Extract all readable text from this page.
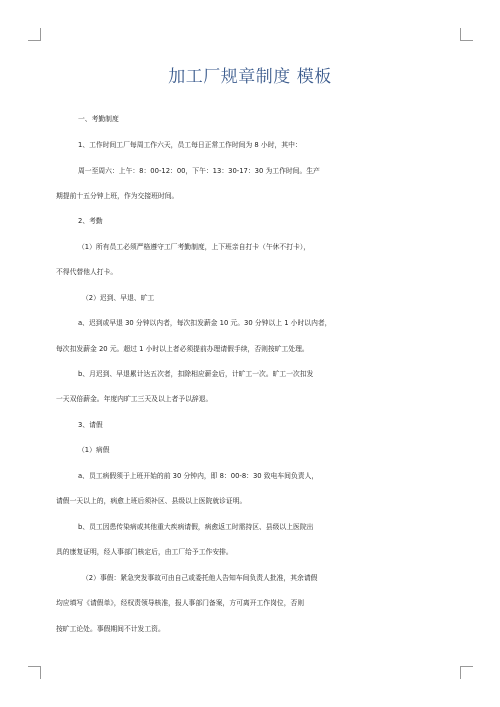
加工厂规章制度 模板
一、考勤制度
1、工作时间工厂每周工作六天，员工每日正常工作时间为 8 小时，其中：
周一至周六：上午：8：00-12：00，下午：13：30-17：30 为工作时间。生产
期提前十五分钟上班，作为交接班时间。
2、考勤
（1）所有员工必须严格遵守工厂考勤制度，上下班亲自打卡（午休不打卡），
不得代替他人打卡。
（2）迟到、早退、旷工
a、迟到或早退 30 分钟以内者，每次扣发薪金 10 元。30 分钟以上 1 小时以内者，
每次扣发薪金 20 元。超过 1 小时以上者必须提前办理请假手续，否则按旷工处理。
b、月迟到、早退累计达五次者，扣除相应薪金后，计旷工一次。旷工一次扣发
一天双倍薪金。年度内旷工三天及以上者予以辞退。
3、请假
（1）病假
a、员工病假须于上班开始的前 30 分钟内，即 8：00-8：30 致电车间负责人，
请假一天以上的，病愈上班后须补区、县级以上医院就诊证明。
b、员工因患传染病或其他重大疾病请假，病愈返工时需持区、县级以上医院出
具的康复证明，经人事部门核定后，由工厂给予工作安排。
（2）事假：紧急突发事故可由自己或委托他人告知车间负责人批准，其余请假
均应填写《请假单》，经权责领导核准，报人事部门备案，方可离开工作岗位，否则
按旷工论处。事假期间不计发工资。
